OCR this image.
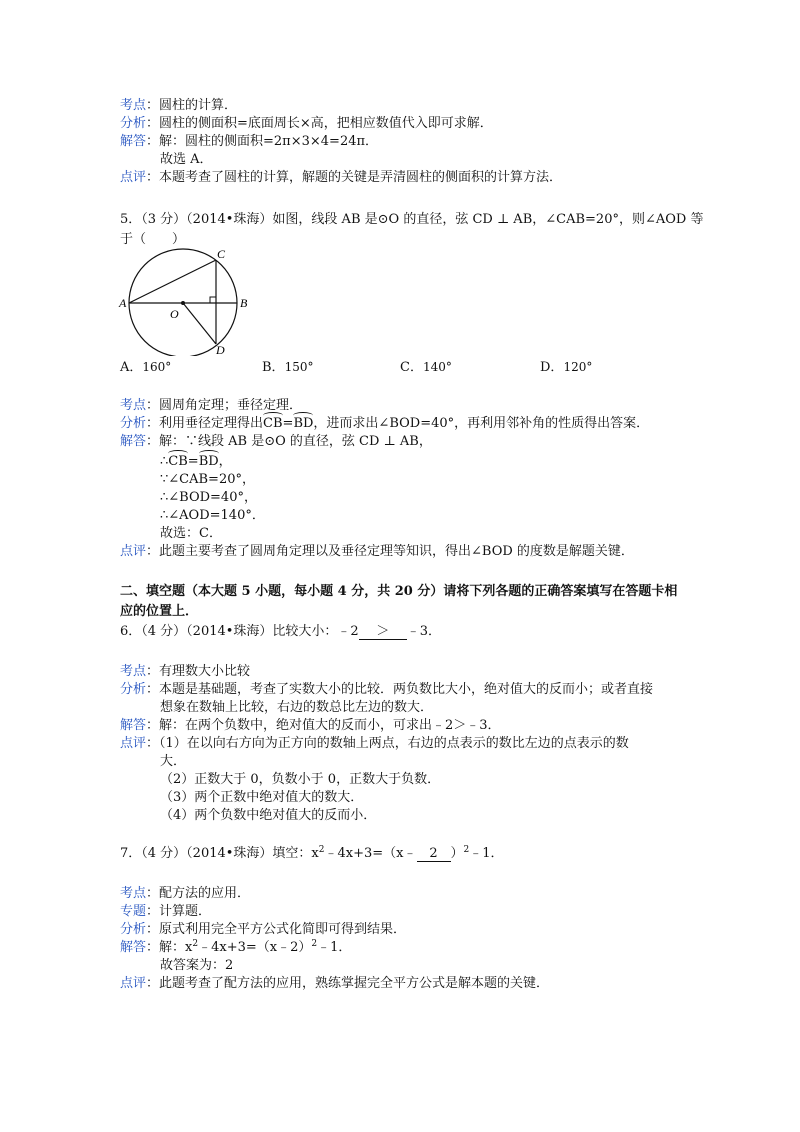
考点：圆柱的计算．
分析：圆柱的侧面积=底面周长×高，把相应数值代入即可求解．
解答：解：圆柱的侧面积=2π×3×4=24π．
故选 A．
点评：本题考查了圆柱的计算，解题的关键是弄清圆柱的侧面积的计算方法．
5．（3 分）（2014•珠海）如图，线段 AB 是⊙O 的直径，弦 CD ⊥ AB，∠CAB=20°，则∠AOD 等
于（　　）
A	B
C
D
O
A．160°	B．150°	C．140°	D．120°
考点：圆周角定理；垂径定理．
分析：利用垂径定理得出CB=BD，进而求出∠BOD=40°，再利用邻补角的性质得出答案．
解答：解：∵线段 AB 是⊙O 的直径，弦 CD ⊥ AB，
∴CB=BD，
∵∠CAB=20°，
∴∠BOD=40°，
∴∠AOD=140°．
故选：C．
点评：此题主要考查了圆周角定理以及垂径定理等知识，得出∠BOD 的度数是解题关键．
二、填空题（本大题 5 小题，每小题 4 分，共 20 分）请将下列各题的正确答案填写在答题卡相
应的位置上．
6．（4 分）（2014•珠海）比较大小：﹣2 ＞ ﹣3．
考点：有理数大小比较
分析：本题是基础题，考查了实数大小的比较．两负数比大小，绝对值大的反而小；或者直接
想象在数轴上比较，右边的数总比左边的数大．
解答：解：在两个负数中，绝对值大的反而小，可求出﹣2＞﹣3．
点评：（1）在以向右方向为正方向的数轴上两点，右边的点表示的数比左边的点表示的数
大．
（2）正数大于 0，负数小于 0，正数大于负数．
（3）两个正数中绝对值大的数大．
（4）两个负数中绝对值大的反而小．
7．（4 分）（2014•珠海）填空：$x^2﹣4x+3=(x﹣$ 2 ）$^2$﹣1．
考点：配方法的应用．
专题：计算题．
分析：原式利用完全平方公式化简即可得到结果．
解答：解：$x^2﹣4x+3=(x﹣2)^2﹣1$．
故答案为：2
点评：此题考查了配方法的应用，熟练掌握完全平方公式是解本题的关键．
